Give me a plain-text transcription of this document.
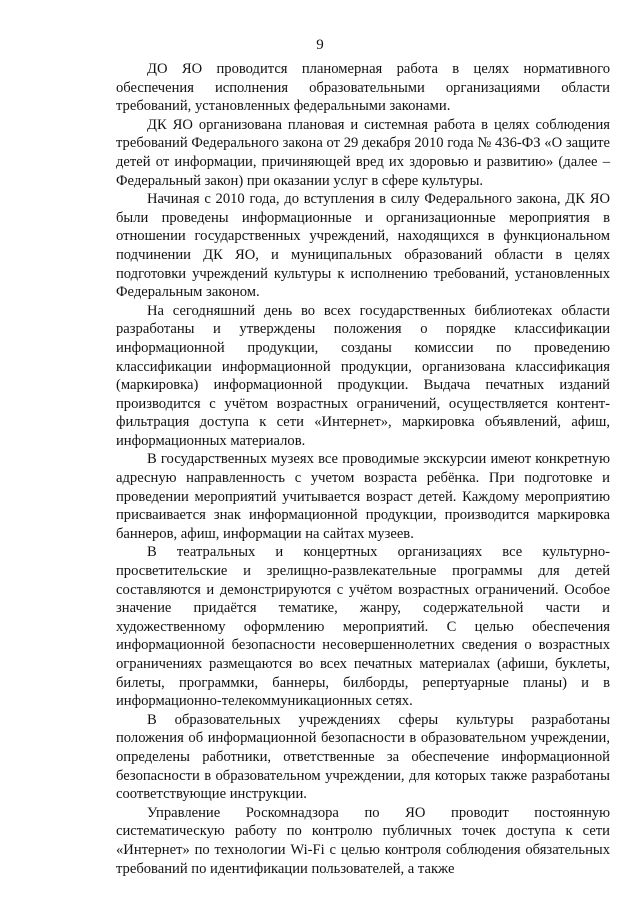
9

ДО ЯО проводится планомерная работа в целях нормативного обеспечения исполнения образовательными организациями области требований, установленных федеральными законами.

ДК ЯО организована плановая и системная работа в целях соблюдения требований Федерального закона от 29 декабря 2010 года № 436-ФЗ «О защите детей от информации, причиняющей вред их здоровью и развитию» (далее – Федеральный закон) при оказании услуг в сфере культуры.

Начиная с 2010 года, до вступления в силу Федерального закона, ДК ЯО были проведены информационные и организационные мероприятия в отношении государственных учреждений, находящихся в функциональном подчинении ДК ЯО, и муниципальных образований области в целях подготовки учреждений культуры к исполнению требований, установленных Федеральным законом.

На сегодняшний день во всех государственных библиотеках области разработаны и утверждены положения о порядке классификации информационной продукции, созданы комиссии по проведению классификации информационной продукции, организована классификация (маркировка) информационной продукции. Выдача печатных изданий производится с учётом возрастных ограничений, осуществляется контент-фильтрация доступа к сети «Интернет», маркировка объявлений, афиш, информационных материалов.

В государственных музеях все проводимые экскурсии имеют конкретную адресную направленность с учетом возраста ребёнка. При подготовке и проведении мероприятий учитывается возраст детей. Каждому мероприятию присваивается знак информационной продукции, производится маркировка баннеров, афиш, информации на сайтах музеев.

В театральных и концертных организациях все культурно-просветительские и зрелищно-развлекательные программы для детей составляются и демонстрируются с учётом возрастных ограничений. Особое значение придаётся тематике, жанру, содержательной части и художественному оформлению мероприятий. С целью обеспечения информационной безопасности несовершеннолетних сведения о возрастных ограничениях размещаются во всех печатных материалах (афиши, буклеты, билеты, программки, баннеры, билборды, репертуарные планы) и в информационно-телекоммуникационных сетях.

В образовательных учреждениях сферы культуры разработаны положения об информационной безопасности в образовательном учреждении, определены работники, ответственные за обеспечение информационной безопасности в образовательном учреждении, для которых также разработаны соответствующие инструкции.

Управление Роскомнадзора по ЯО проводит постоянную систематическую работу по контролю публичных точек доступа к сети «Интернет» по технологии Wi-Fi с целью контроля соблюдения обязательных требований по идентификации пользователей, а также
